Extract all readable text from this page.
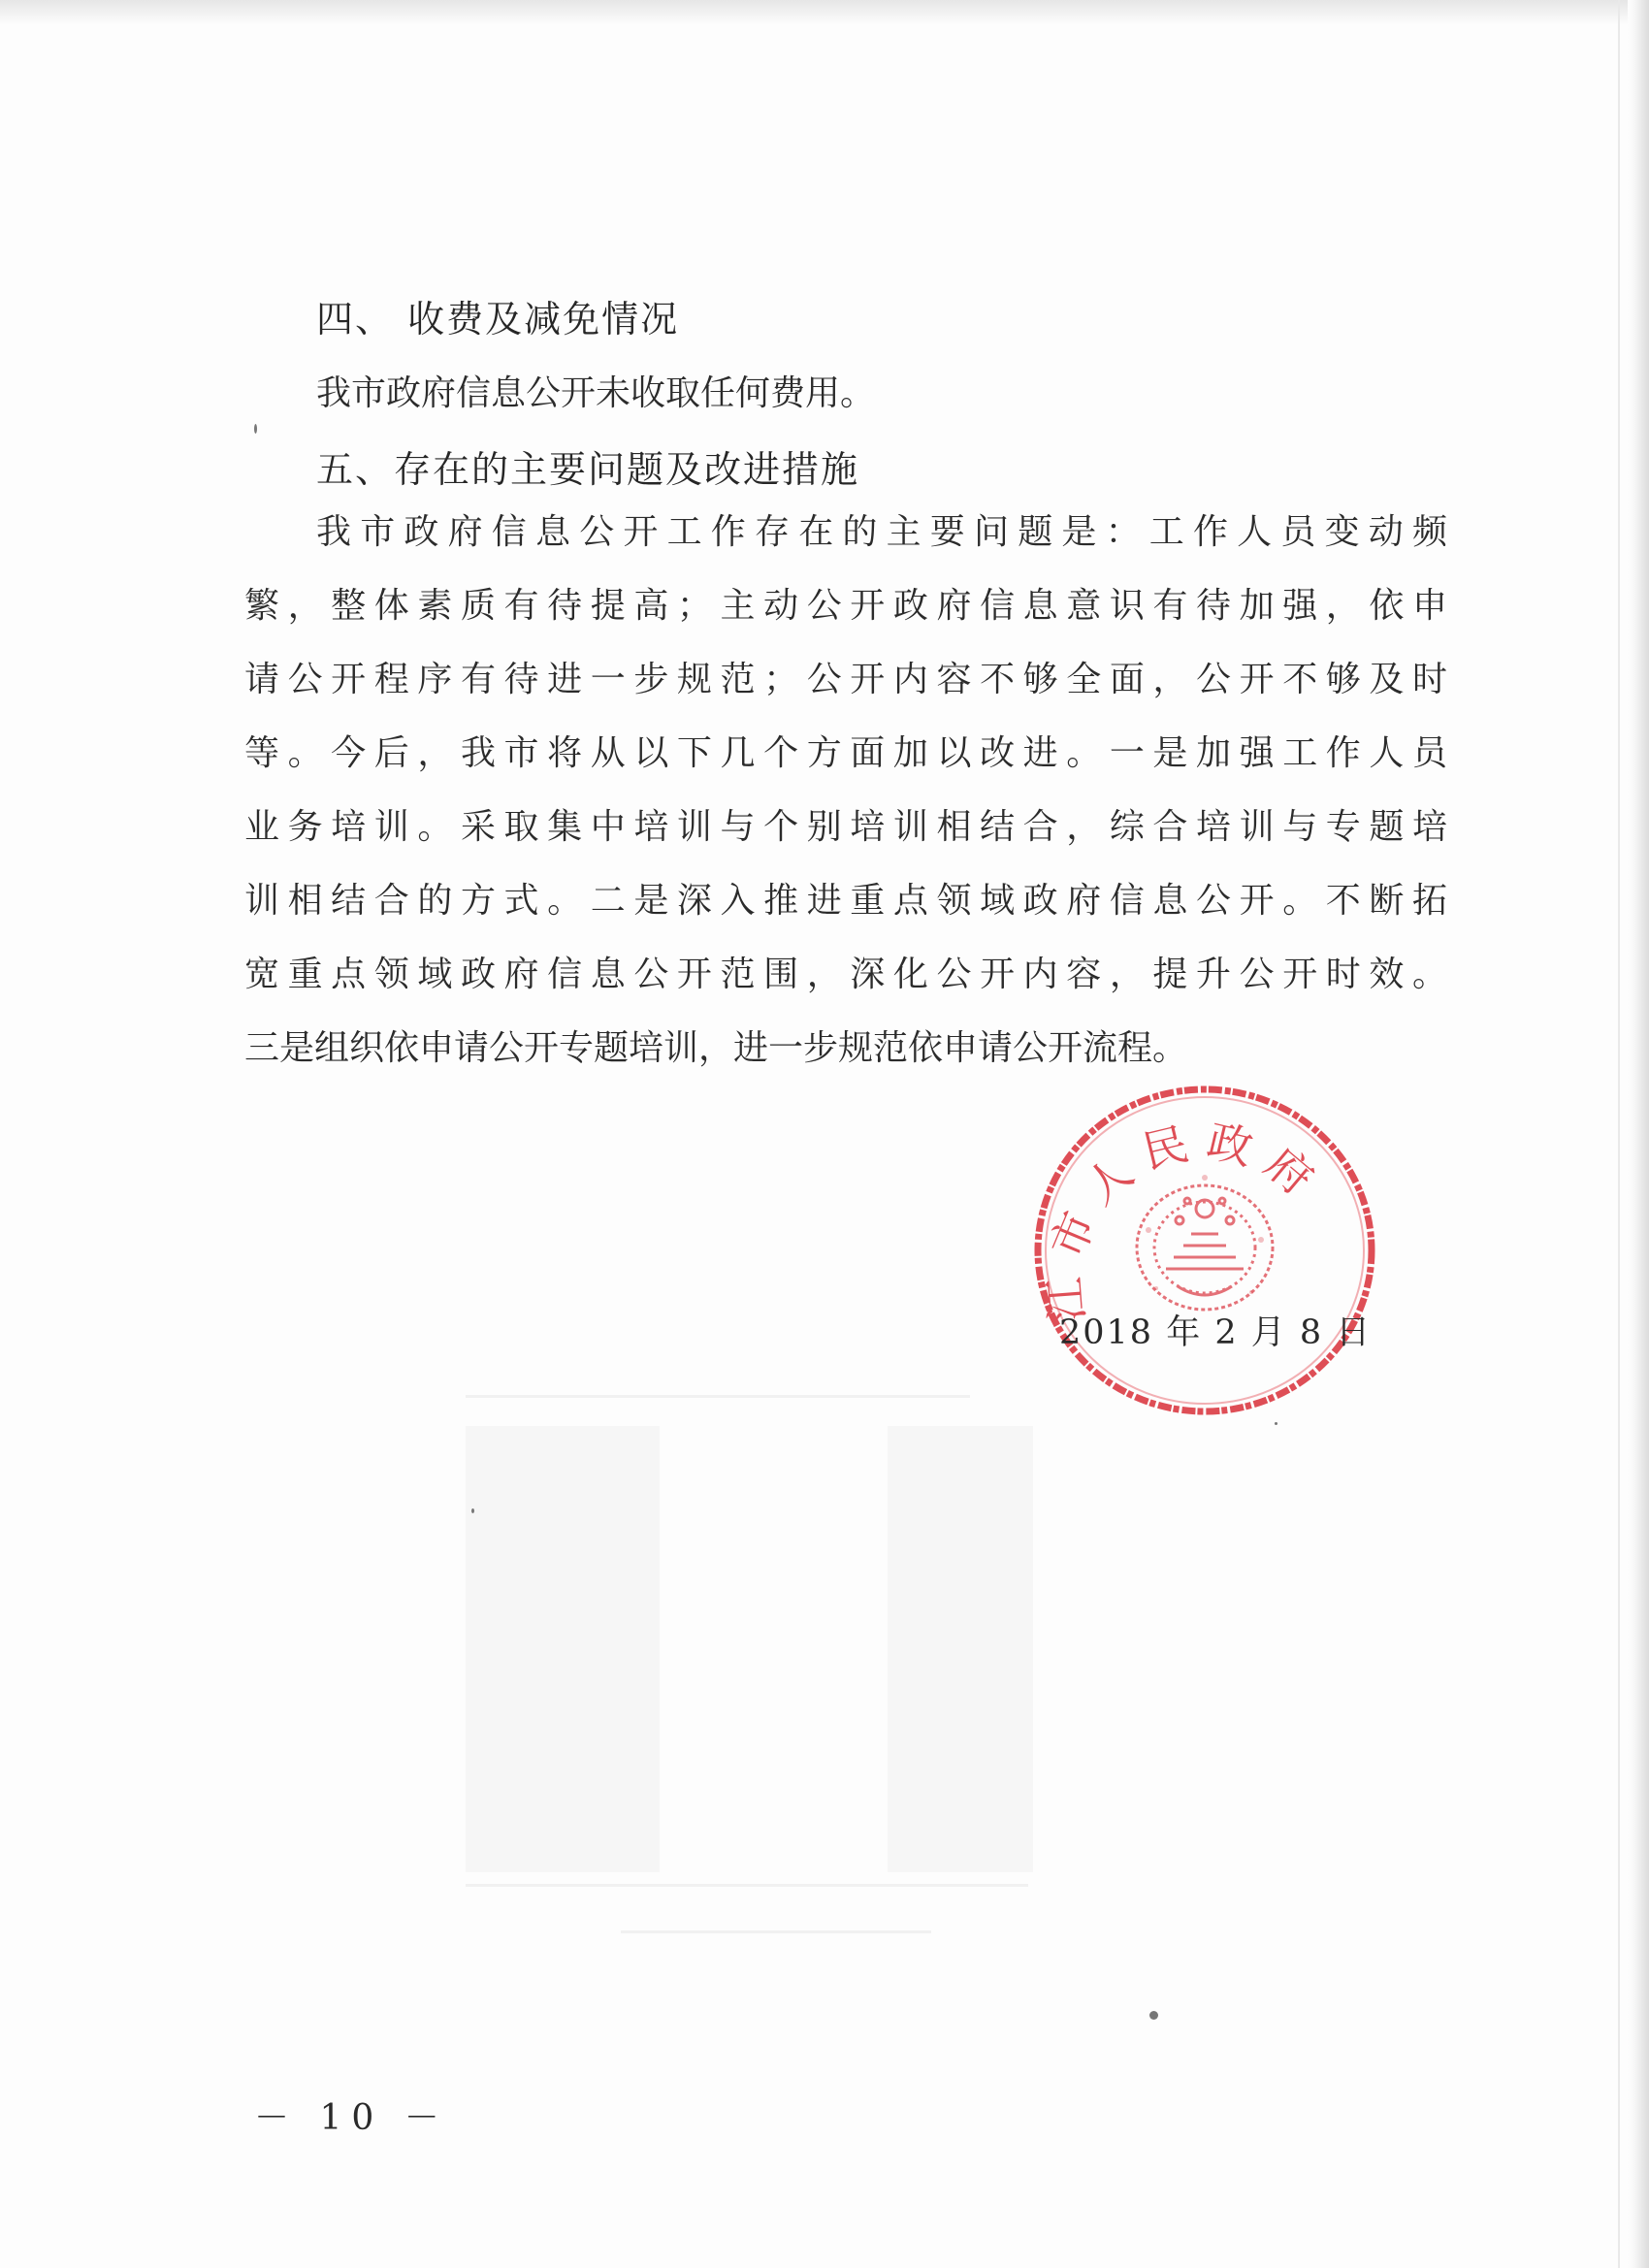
四、 收费及减免情况
我市政府信息公开未收取任何费用。
五、存在的主要问题及改进措施
我市政府信息公开工作存在的主要问题是：工作人员变动频
繁，整体素质有待提高；主动公开政府信息意识有待加强，依申
请公开程序有待进一步规范；公开内容不够全面，公开不够及时
等。今后，我市将从以下几个方面加以改进。一是加强工作人员
业务培训。采取集中培训与个别培训相结合，综合培训与专题培
训相结合的方式。二是深入推进重点领域政府信息公开。不断拓
宽重点领域政府信息公开范围，深化公开内容，提升公开时效。
三是组织依申请公开专题培训，进一步规范依申请公开流程。
江市人民政府
2018 年 2 月 8 日
－ 10 －
